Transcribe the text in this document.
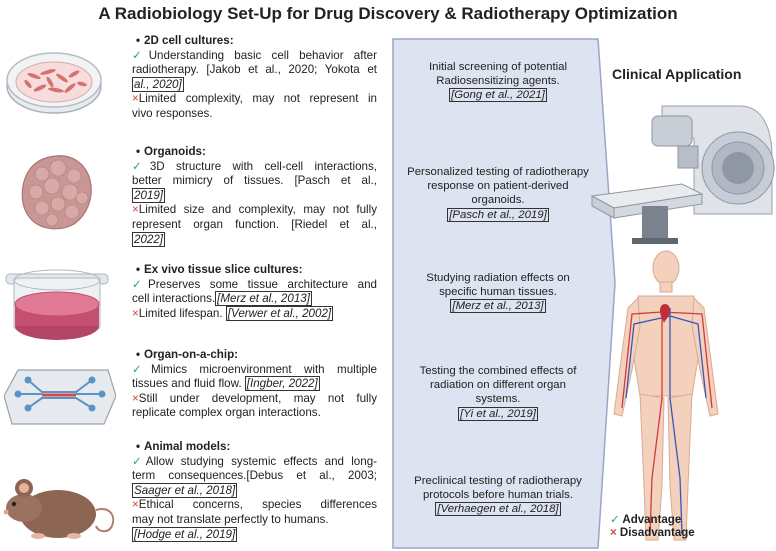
A Radiobiology Set-Up for Drug Discovery & Radiotherapy Optimization
• 2D cell cultures:
✓Understanding basic cell behavior after
radiotherapy. [Jakob et al., 2020; Yokota et
al., 2020]
×Limited complexity, may not represent in
vivo responses.
• Organoids:
✓3D structure with cell-cell interactions,
better mimicry of tissues. [Pasch et al.,
2019]
×Limited size and complexity, may not fully
represent organ function. [Riedel et al.,
2022]
• Ex vivo tissue slice cultures:
✓Preserves some tissue architecture and
cell interactions. [Merz et al., 2013]
×Limited lifespan. [Verwer et al., 2002]
• Organ-on-a-chip:
✓Mimics microenvironment with multiple
tissues and fluid flow. [Ingber, 2022]
×Still under development, may not fully
replicate complex organ interactions.
• Animal models:
✓Allow studying systemic effects and long-
term consequences.[Debus et al., 2003;
Saager et al., 2018]
×Ethical concerns, species differences
may not translate perfectly to humans.
[Hodge et al., 2019]
Initial screening of potential
Radiosensitizing agents.
[Gong et al., 2021]
Personalized testing of radiotherapy
response on patient-derived
organoids.
[Pasch et al., 2019]
Studying radiation effects on
specific human tissues.
[Merz et al., 2013]
Testing the combined effects of
radiation on different organ
systems.
[Yi et al., 2019]
Preclinical testing of radiotherapy
protocols before human trials.
[Verhaegen et al., 2018]
Clinical Application
✓ Advantage
× Disadvantage
